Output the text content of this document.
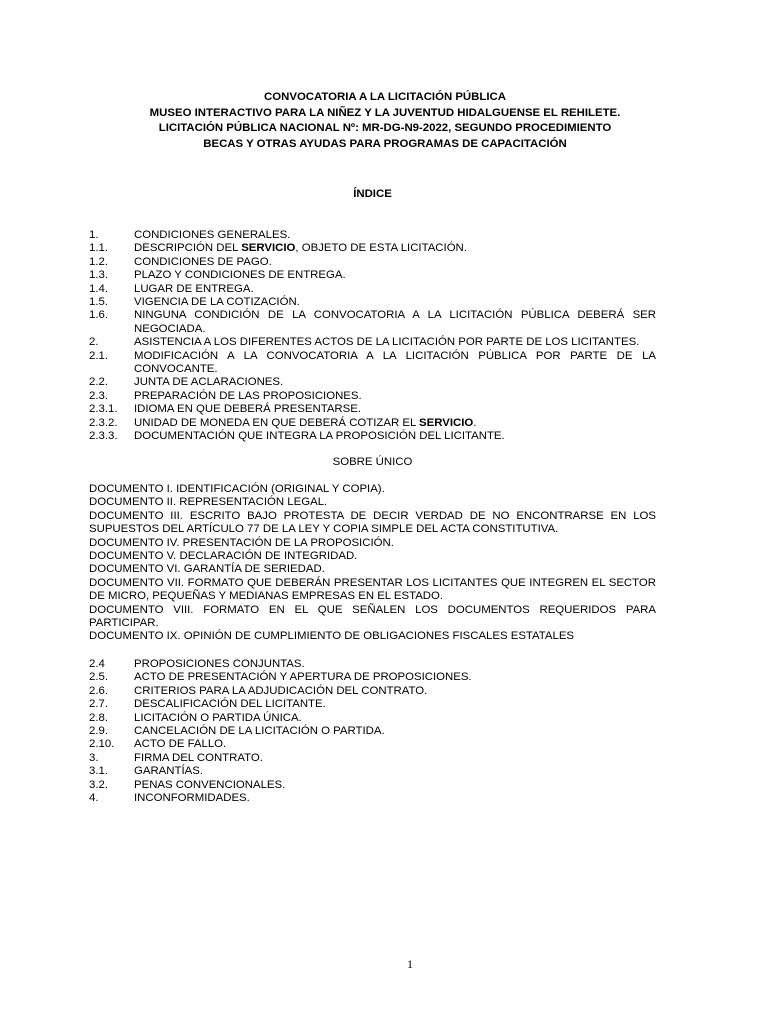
CONVOCATORIA A LA LICITACIÓN PÚBLICA
MUSEO INTERACTIVO PARA LA NIÑEZ Y LA JUVENTUD HIDALGUENSE EL REHILETE.
LICITACIÓN PÚBLICA NACIONAL Nº: MR-DG-N9-2022, SEGUNDO PROCEDIMIENTO
BECAS Y OTRAS AYUDAS PARA PROGRAMAS DE CAPACITACIÓN
ÍNDICE
1.	CONDICIONES GENERALES.
1.1.	DESCRIPCIÓN DEL SERVICIO, OBJETO DE ESTA LICITACIÓN.
1.2.	CONDICIONES DE PAGO.
1.3.	PLAZO Y CONDICIONES DE ENTREGA.
1.4.	LUGAR DE ENTREGA.
1.5.	VIGENCIA DE LA COTIZACIÓN.
1.6.	NINGUNA CONDICIÓN DE LA CONVOCATORIA A LA LICITACIÓN PÚBLICA DEBERÁ SER NEGOCIADA.
2.	ASISTENCIA A LOS DIFERENTES ACTOS DE LA LICITACIÓN POR PARTE DE LOS LICITANTES.
2.1.	MODIFICACIÓN A LA CONVOCATORIA A LA LICITACIÓN PÚBLICA POR PARTE DE LA CONVOCANTE.
2.2.	JUNTA DE ACLARACIONES.
2.3.	PREPARACIÓN DE LAS PROPOSICIONES.
2.3.1.	IDIOMA EN QUE DEBERÁ PRESENTARSE.
2.3.2.	UNIDAD DE MONEDA EN QUE DEBERÁ COTIZAR EL SERVICIO.
2.3.3.	DOCUMENTACIÓN QUE INTEGRA LA PROPOSICIÓN DEL LICITANTE.
SOBRE ÚNICO
DOCUMENTO I. IDENTIFICACIÓN (ORIGINAL Y COPIA).
DOCUMENTO II. REPRESENTACIÓN LEGAL.
DOCUMENTO III. ESCRITO BAJO PROTESTA DE DECIR VERDAD DE NO ENCONTRARSE EN LOS SUPUESTOS DEL ARTÍCULO 77 DE LA LEY Y COPIA SIMPLE DEL ACTA CONSTITUTIVA.
DOCUMENTO IV. PRESENTACIÓN DE LA PROPOSICIÓN.
DOCUMENTO V. DECLARACIÓN DE INTEGRIDAD.
DOCUMENTO VI. GARANTÍA DE SERIEDAD.
DOCUMENTO VII. FORMATO QUE DEBERÁN PRESENTAR LOS LICITANTES QUE INTEGREN EL SECTOR DE MICRO, PEQUEÑAS Y MEDIANAS EMPRESAS EN EL ESTADO.
DOCUMENTO VIII. FORMATO EN EL QUE SEÑALEN LOS DOCUMENTOS REQUERIDOS PARA PARTICIPAR.
DOCUMENTO IX. OPINIÓN DE CUMPLIMIENTO DE OBLIGACIONES FISCALES ESTATALES
2.4	PROPOSICIONES CONJUNTAS.
2.5.	ACTO DE PRESENTACIÓN Y APERTURA DE PROPOSICIONES.
2.6.	CRITERIOS PARA LA ADJUDICACIÓN DEL CONTRATO.
2.7.	DESCALIFICACIÓN DEL LICITANTE.
2.8.	LICITACIÓN O PARTIDA ÚNICA.
2.9.	CANCELACIÓN DE LA LICITACIÓN O PARTIDA.
2.10.	ACTO DE FALLO.
3.	FIRMA DEL CONTRATO.
3.1.	GARANTÍAS.
3.2.	PENAS CONVENCIONALES.
4.	INCONFORMIDADES.
1
